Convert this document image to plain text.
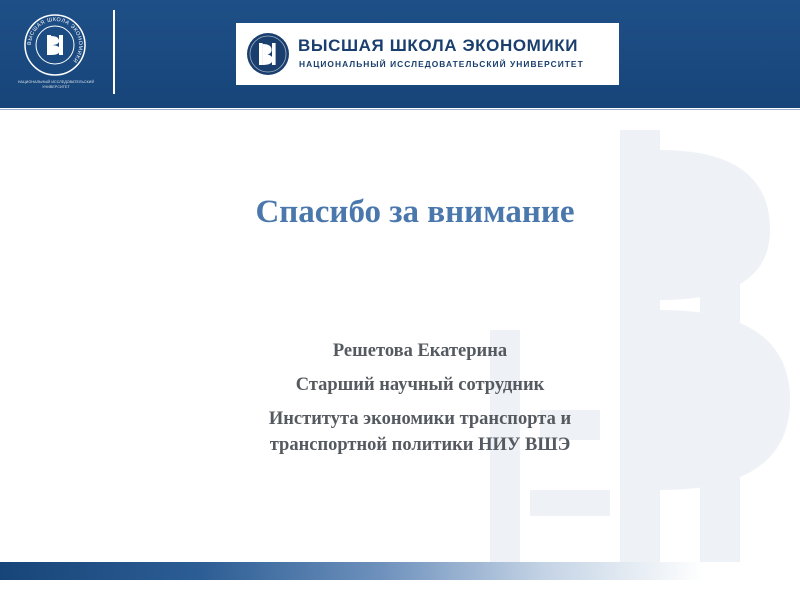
ВЫСШАЯ ШКОЛА ЭКОНОМИКИ
НАЦИОНАЛЬНЫЙ ИССЛЕДОВАТЕЛЬСКИЙ УНИВЕРСИТЕТ
ВЫСШАЯ ШКОЛА ЭКОНОМИКИ
НАЦИОНАЛЬНЫЙ ИССЛЕДОВАТЕЛЬСКИЙ УНИВЕРСИТЕТ
Спасибо за внимание
Решетова Екатерина
Старший научный сотрудник
Института экономики транспорта и
транспортной политики НИУ ВШЭ
